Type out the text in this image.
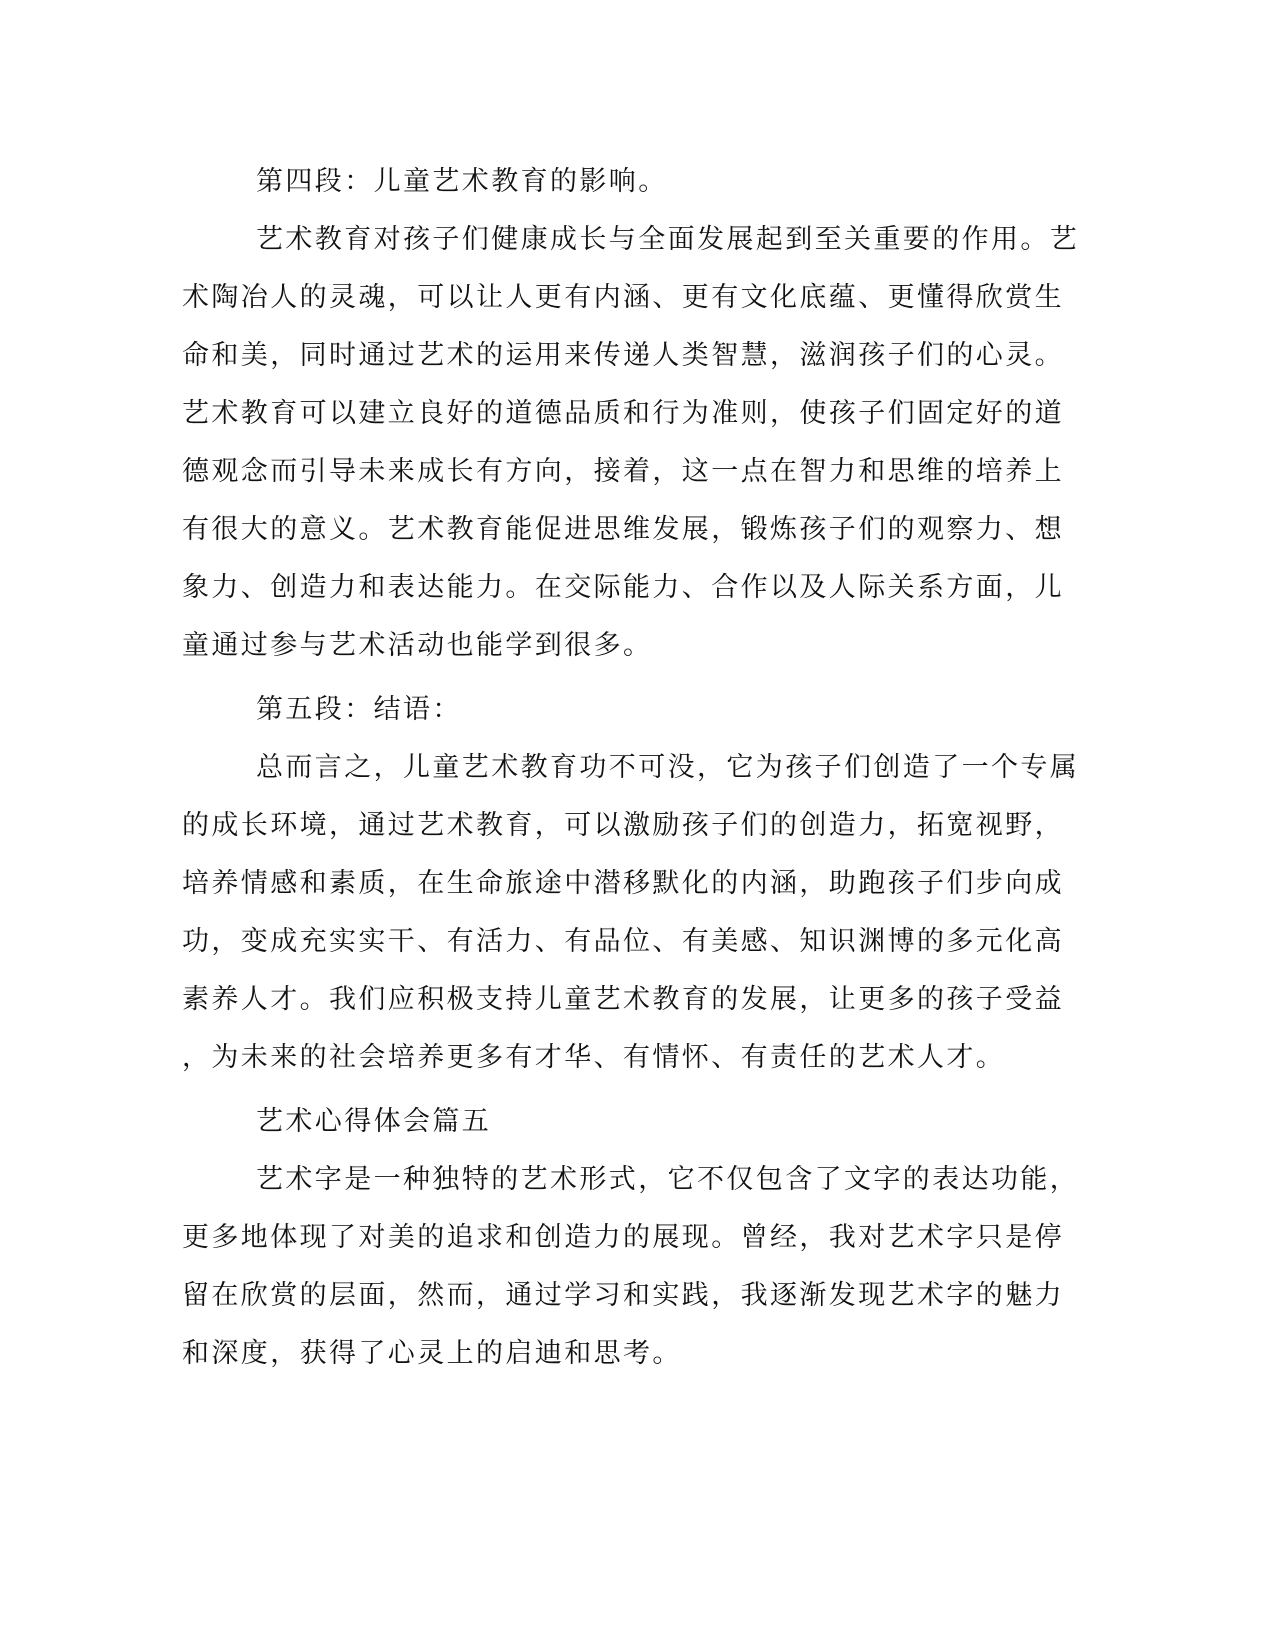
第四段：儿童艺术教育的影响。
艺术教育对孩子们健康成长与全面发展起到至关重要的作用。艺
术陶冶人的灵魂，可以让人更有内涵、更有文化底蕴、更懂得欣赏生
命和美，同时通过艺术的运用来传递人类智慧，滋润孩子们的心灵。
艺术教育可以建立良好的道德品质和行为准则，使孩子们固定好的道
德观念而引导未来成长有方向，接着，这一点在智力和思维的培养上
有很大的意义。艺术教育能促进思维发展，锻炼孩子们的观察力、想
象力、创造力和表达能力。在交际能力、合作以及人际关系方面，儿
童通过参与艺术活动也能学到很多。
第五段：结语：
总而言之，儿童艺术教育功不可没，它为孩子们创造了一个专属
的成长环境，通过艺术教育，可以激励孩子们的创造力，拓宽视野，
培养情感和素质，在生命旅途中潜移默化的内涵，助跑孩子们步向成
功，变成充实实干、有活力、有品位、有美感、知识渊博的多元化高
素养人才。我们应积极支持儿童艺术教育的发展，让更多的孩子受益
，为未来的社会培养更多有才华、有情怀、有责任的艺术人才。
艺术心得体会篇五
艺术字是一种独特的艺术形式，它不仅包含了文字的表达功能，
更多地体现了对美的追求和创造力的展现。曾经，我对艺术字只是停
留在欣赏的层面，然而，通过学习和实践，我逐渐发现艺术字的魅力
和深度，获得了心灵上的启迪和思考。
